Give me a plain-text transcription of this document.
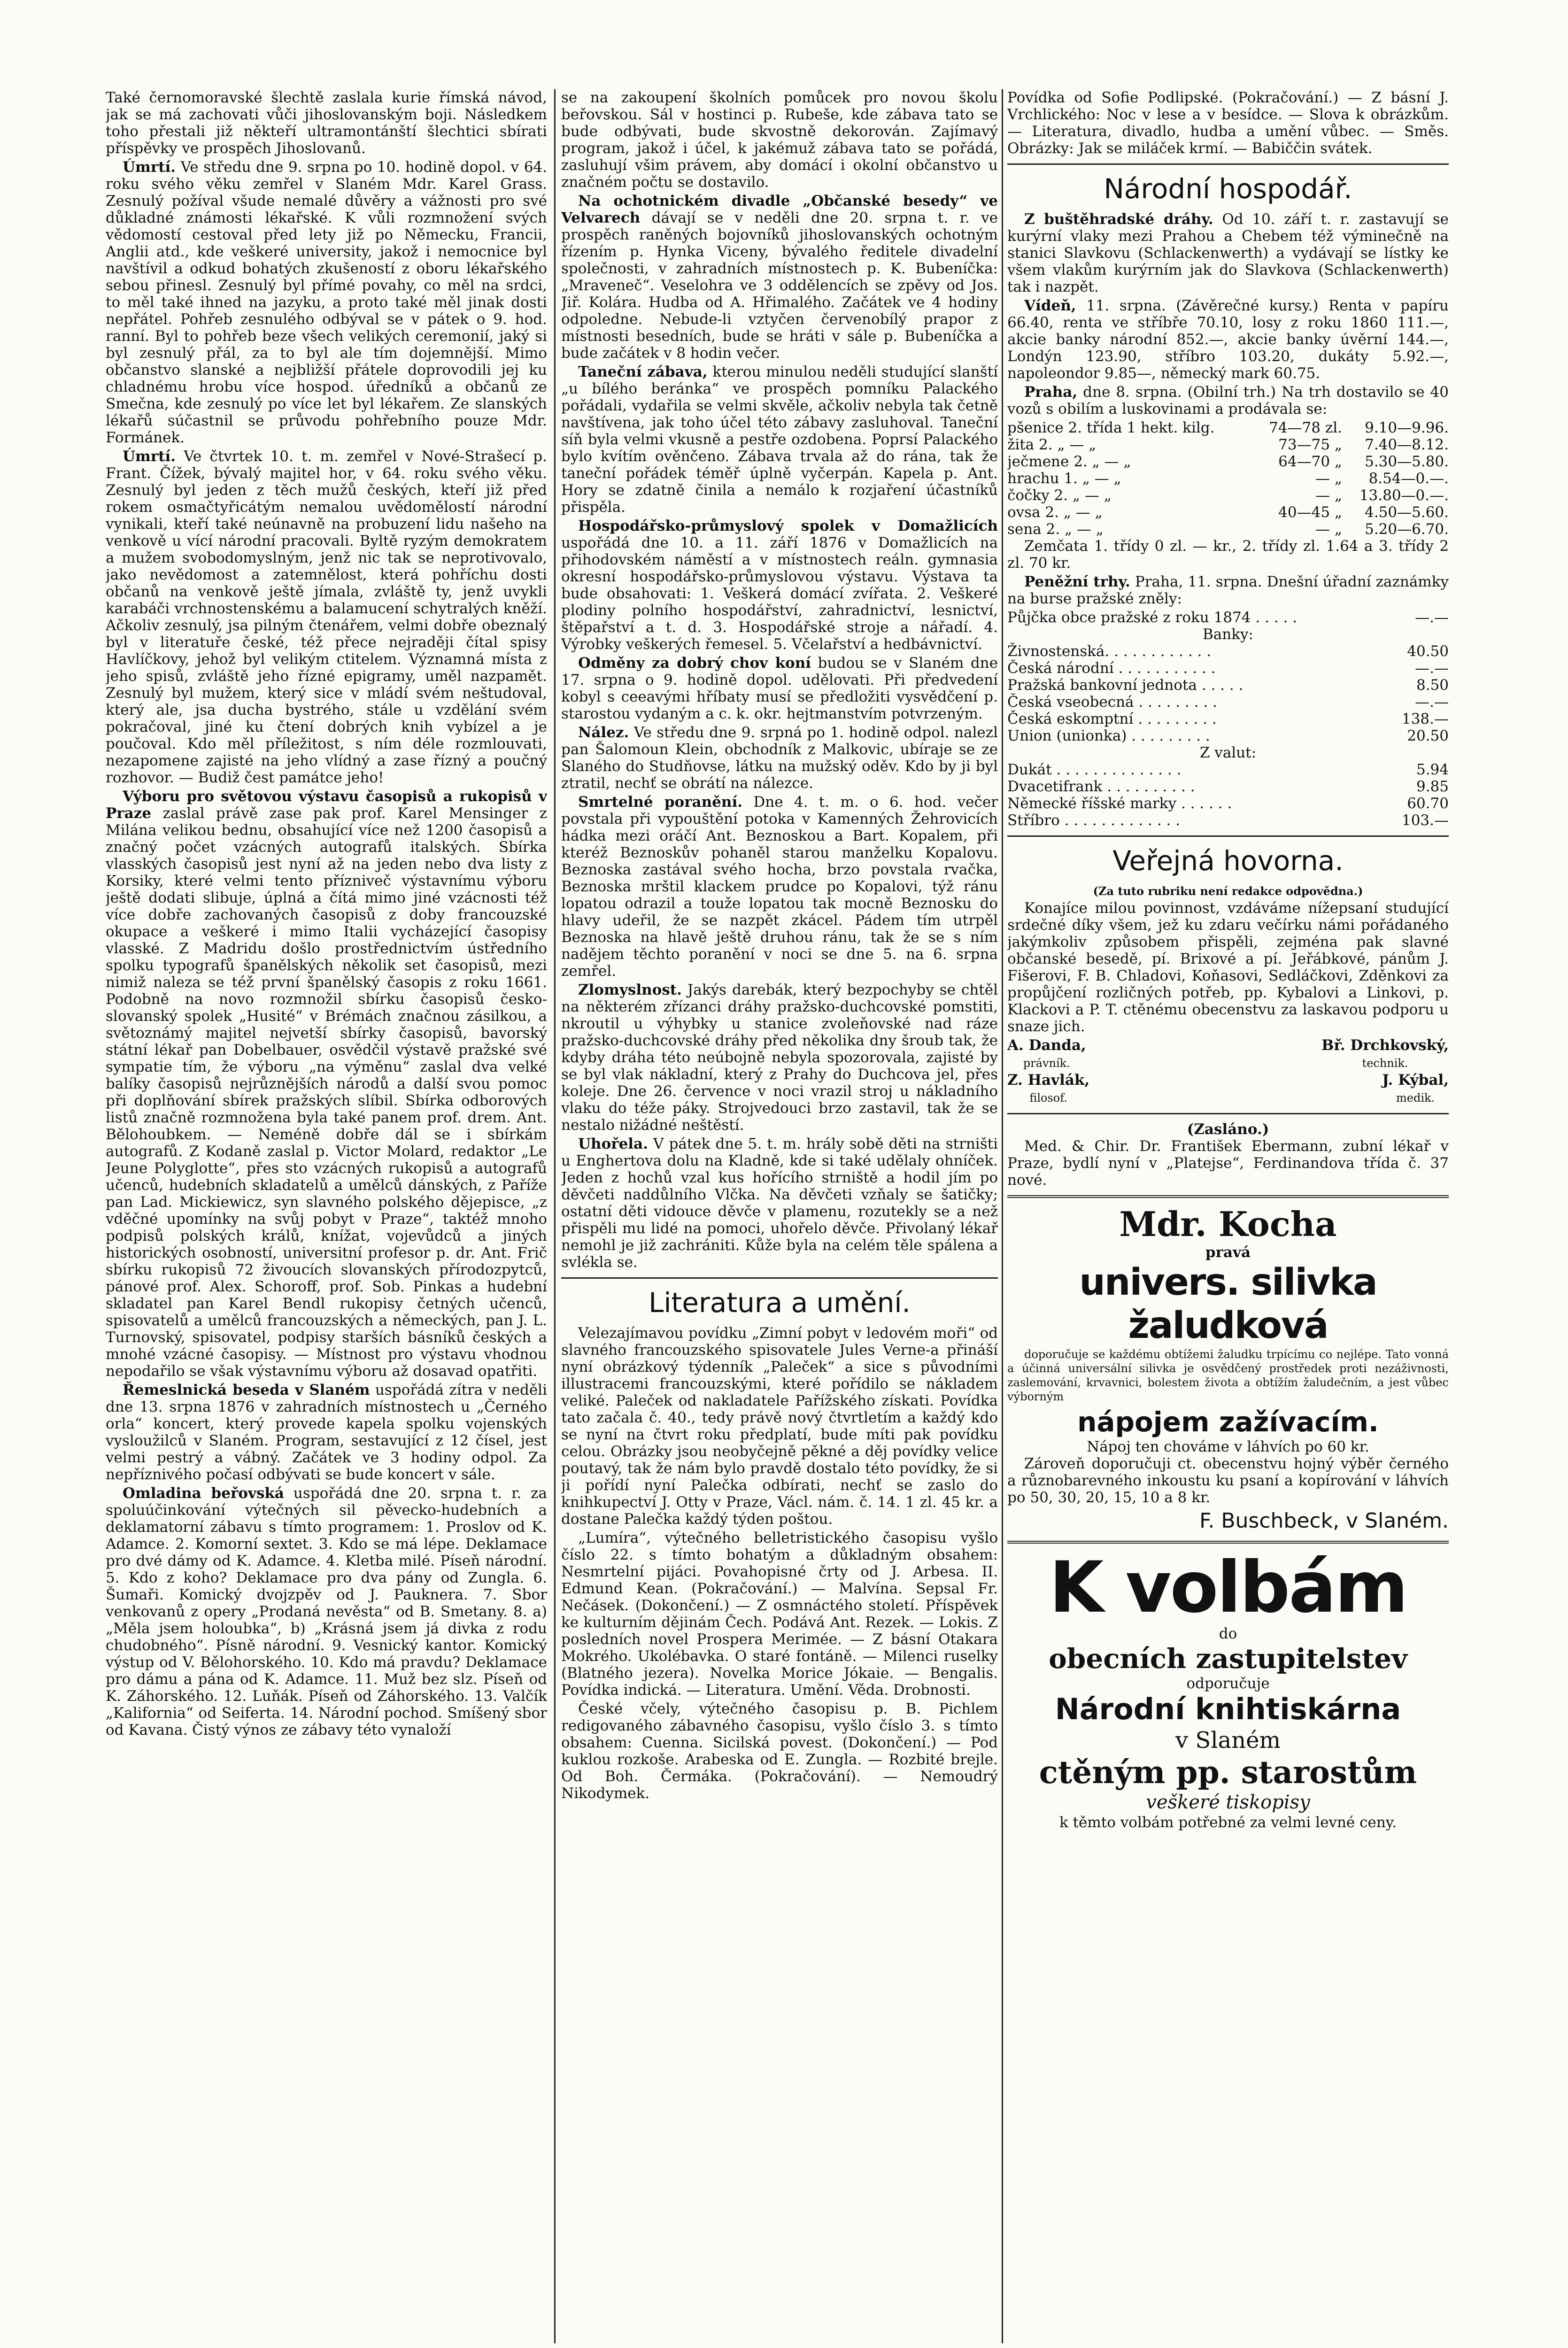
Také černomoravské šlechtě zaslala kurie římská návod, jak se má zachovati vůči jihoslovanským boji. Následkem toho přestali již někteří ultramontánští šlechtici sbírati příspěvky ve prospěch Jihoslovanů.

Úmrtí. Ve středu dne 9. srpna po 10. hodině dopol. v 64. roku svého věku zemřel v Slaném Mdr. Karel Grass. Zesnulý požíval všude nemalé důvěry a vážnosti pro své důkladné známosti lékařské. K vůli rozmnožení svých vědomostí cestoval před lety již po Německu, Francii, Anglii atd., kde veškeré university, jakož i nemocnice byl navštívil a odkud bohatých zkušeností z oboru lékařského sebou přinesl. Zesnulý byl přímé povahy, co měl na srdci, to měl také ihned na jazyku, a proto také měl jinak dosti nepřátel. Pohřeb zesnulého odbýval se v pátek o 9. hod. ranní. Byl to pohřeb beze všech velikých ceremonií, jaký si byl zesnulý přál, za to byl ale tím dojemnější. Mimo občanstvo slanské a nejbližší přátele doprovodili jej ku chladnému hrobu více hospod. úředníků a občanů ze Smečna, kde zesnulý po více let byl lékařem. Ze slanských lékařů súčastnil se průvodu pohřebního pouze Mdr. Formánek.

Úmrtí. Ve čtvrtek 10. t. m. zemřel v Nové-Strašecí p. Frant. Čížek, bývalý majitel hor, v 64. roku svého věku. Zesnulý byl jeden z těch mužů českých, kteří již před rokem osmačtyřicátým nemalou uvědomělostí národní vynikali, kteří také neúnavně na probuzení lidu našeho na venkově u vící národní pracovali. Byltě ryzým demokratem a mužem svobodomyslným, jenž nic tak se neprotivovalo, jako nevědomost a zatemnělost, která pohříchu dosti občanů na venkově ještě jímala, zvláště ty, jenž uvykli karabáči vrchnostenskému a balamucení schytralých kněží. Ačkoliv zesnulý, jsa pilným čtenářem, velmi dobře obeznalý byl v literatuře české, též přece nejraději čítal spisy Havlíčkovy, jehož byl velikým ctitelem. Významná místa z jeho spisů, zvláště jeho řízné epigramy, uměl nazpamět. Zesnulý byl mužem, který sice v mládí svém neštudoval, který ale, jsa ducha bystrého, stále u vzdělání svém pokračoval, jiné ku čtení dobrých knih vybízel a je poučoval. Kdo měl příležitost, s ním déle rozmlouvati, nezapomene zajisté na jeho vlídný a zase řízný a poučný rozhovor. — Budiž čest památce jeho!

Výboru pro světovou výstavu časopisů a rukopisů v Praze zaslal právě zase pak prof. Karel Mensinger z Milána velikou bednu, obsahující více než 1200 časopisů a značný počet vzácných autografů italských. Sbírka vlasských časopisů jest nyní až na jeden nebo dva listy z Korsiky, které velmi tento přízniveč výstavnímu výboru ještě dodati slibuje, úplná a čítá mimo jiné vzácnosti též více dobře zachovaných časopisů z doby francouzské okupace a veškeré i mimo Italii vycházející časopisy vlasské. Z Madridu došlo prostřednictvím ústředního spolku typografů španělských několik set časopisů, mezi nimiž naleza se též první španělský časopis z roku 1661. Podobně na novo rozmnožil sbírku časopisů česko-slovanský spolek „Husité“ v Brémách značnou zásilkou, a světoznámý majitel nejvetší sbírky časopisů, bavorský státní lékař pan Dobelbauer, osvědčil výstavě pražské své sympatie tím, že výboru „na výměnu“ zaslal dva velké balíky časopisů nejrůznějších národů a další svou pomoc při doplňování sbírek pražských slíbil. Sbírka odborových listů značně rozmnožena byla také panem prof. drem. Ant. Bělohoubkem. — Neméně dobře dál se i sbírkám autografů. Z Kodaně zaslal p. Victor Molard, redaktor „Le Jeune Polyglotte“, přes sto vzácných rukopisů a autografů učenců, hudebních skladatelů a umělců dánských, z Paříže pan Lad. Mickiewicz, syn slavného polského dějepisce, „z vděčné upomínky na svůj pobyt v Praze“, taktéž mnoho podpisů polských králů, knížat, vojevůdců a jiných historických osobností, universitní profesor p. dr. Ant. Frič sbírku rukopisů 72 živoucích slovanských přírodozpytců, pánové prof. Alex. Schoroff, prof. Sob. Pinkas a hudební skladatel pan Karel Bendl rukopisy četných učenců, spisovatelů a umělců francouzských a německých, pan J. L. Turnovský, spisovatel, podpisy starších básníků českých a mnohé vzácné časopisy. — Místnost pro výstavu vhodnou nepodařilo se však výstavnímu výboru až dosavad opatřiti.

Řemeslnická beseda v Slaném uspořádá zítra v neděli dne 13. srpna 1876 v zahradních místnostech u „Černého orla“ koncert, který provede kapela spolku vojenských vysloužilců v Slaném. Program, sestavující z 12 čísel, jest velmi pestrý a vábný. Začátek ve 3 hodiny odpol. Za nepříznivého počasí odbývati se bude koncert v sále.

Omladina beřovská uspořádá dne 20. srpna t. r. za spoluúčinkování výtečných sil pěvecko-hudebních a deklamatorní zábavu s tímto programem: 1. Proslov od K. Adamce. 2. Komorní sextet. 3. Kdo se má lépe. Deklamace pro dvé dámy od K. Adamce. 4. Kletba milé. Píseň národní. 5. Kdo z koho? Deklamace pro dva pány od Zungla. 6. Šumaři. Komický dvojzpěv od J. Pauknera. 7. Sbor venkovanů z opery „Prodaná nevěsta“ od B. Smetany. 8. a) „Měla jsem holoubka“, b) „Krásná jsem já divka z rodu chudobného“. Písně národní. 9. Vesnický kantor. Komický výstup od V. Bělohorského. 10. Kdo má pravdu? Deklamace pro dámu a pána od K. Adamce. 11. Muž bez slz. Píseň od K. Záhorského. 12. Luňák. Píseň od Záhorského. 13. Valčík „Kalifornia“ od Seiferta. 14. Národní pochod. Smíšený sbor od Kavana. Čistý výnos ze zábavy této vynaloží

se na zakoupení školních pomůcek pro novou školu beřovskou. Sál v hostinci p. Rubeše, kde zábava tato se bude odbývati, bude skvostně dekorován. Zajímavý program, jakož i účel, k jakémuž zábava tato se pořádá, zasluhují všim právem, aby domácí i okolní občanstvo u značném počtu se dostavilo.

Na ochotnickém divadle „Občanské besedy“ ve Velvarech dávají se v neděli dne 20. srpna t. r. ve prospěch raněných bojovníků jihoslovanských ochotným řízením p. Hynka Viceny, bývalého ředitele divadelní společnosti, v zahradních místnostech p. K. Bubeníčka: „Mraveneč“. Veselohra ve 3 oddělencích se zpěvy od Jos. Jiř. Kolára. Hudba od A. Hřimalého. Začátek ve 4 hodiny odpoledne. Nebude-li vztyčen červenobílý prapor z místnosti besedních, bude se hráti v sále p. Bubeníčka a bude začátek v 8 hodin večer.

Taneční zábava, kterou minulou neděli studující slanští „u bílého beránka“ ve prospěch pomníku Palackého pořádali, vydařila se velmi skvěle, ačkoliv nebyla tak četně navštívena, jak toho účel této zábavy zasluhoval. Taneční síň byla velmi vkusně a pestře ozdobena. Poprsí Palackého bylo kvítím ověnčeno. Zábava trvala až do rána, tak že taneční pořádek téměř úplně vyčerpán. Kapela p. Ant. Hory se zdatně činila a nemálo k rozjaření účastníků přispěla.

Hospodářsko-průmyslový spolek v Domažlicích uspořádá dne 10. a 11. září 1876 v Domažlicích na přihodovském náměstí a v místnostech reáln. gymnasia okresní hospodářsko-průmyslovou výstavu. Výstava ta bude obsahovati: 1. Veškerá domácí zvířata. 2. Veškeré plodiny polního hospodářství, zahradnictví, lesnictví, štěpařství a t. d. 3. Hospodářské stroje a nářadí. 4. Výrobky veškerých řemesel. 5. Včelařství a hedbávnictví.

Odměny za dobrý chov koní budou se v Slaném dne 17. srpna o 9. hodině dopol. udělovati. Při předvedení kobyl s ceeavými hříbaty musí se předložiti vysvědčení p. starostou vydaným a c. k. okr. hejtmanstvím potvrzeným.

Nález. Ve středu dne 9. srpná po 1. hodině odpol. nalezl pan Šalomoun Klein, obchodník z Malkovic, ubíraje se ze Slaného do Studňovse, látku na mužský oděv. Kdo by ji byl ztratil, nechť se obrátí na nálezce.

Smrtelné poranění. Dne 4. t. m. o 6. hod. večer povstala při vypouštění potoka v Kamenných Žehrovicích hádka mezi oráčí Ant. Beznoskou a Bart. Kopalem, při kteréž Beznoskův pohaněl starou manželku Kopalovu. Beznoska zastával svého hocha, brzo povstala rvačka, Beznoska mrštil klackem prudce po Kopalovi, týž ránu lopatou odrazil a touže lopatou tak mocně Beznosku do hlavy udeřil, že se nazpět zkácel. Pádem tím utrpěl Beznoska na hlavě ještě druhou ránu, tak že se s ním nadějem těchto poranění v noci se dne 5. na 6. srpna zemřel.

Zlomyslnost. Jakýs darebák, který bezpochyby se chtěl na některém zřízanci dráhy pražsko-duchcovské pomstiti, nkroutil u výhybky u stanice zvoleňovské nad ráze pražsko-duchcovské dráhy před několika dny šroub tak, že kdyby dráha této neúbojně nebyla spozorovala, zajisté by se byl vlak nákladní, který z Prahy do Duchcova jel, přes koleje. Dne 26. července v noci vrazil stroj u nákladního vlaku do téže páky. Strojvedouci brzo zastavil, tak že se nestalo nižádné neštěstí.

Uhořela. V pátek dne 5. t. m. hrály sobě děti na strništi u Enghertova dolu na Kladně, kde si také udělaly ohníček. Jeden z hochů vzal kus hořícího strniště a hodil jím po děvčeti naddůlního Vlčka. Na děvčeti vzňaly se šatičky; ostatní děti vidouce děvče v plamenu, rozutekly se a než přispěli mu lidé na pomoci, uhořelo děvče. Přivolaný lékař nemohl je již zachrániti. Kůže byla na celém těle spálena a svlékla se.

Literatura a umění.

Velezajímavou povídku „Zimní pobyt v ledovém moři“ od slavného francouzského spisovatele Jules Verne-a přináší nyní obrázkový týdenník „Paleček“ a sice s původními illustracemi francouzskými, které pořídilo se nákladem veliké. Paleček od nakladatele Pařížského získati. Povídka tato začala č. 40., tedy právě nový čtvrtletím a každý kdo se nyní na čtvrt roku předplatí, bude míti pak povídku celou. Obrázky jsou neobyčejně pěkné a děj povídky velice poutavý, tak že nám bylo pravdě dostalo této povídky, že si ji pořídí nyní Palečka odbírati, nechť se zaslo do knihkupectví J. Otty v Praze, Václ. nám. č. 14. 1 zl. 45 kr. a dostane Palečka každý týden poštou.

„Lumíra“, výtečného belletristického časopisu vyšlo číslo 22. s tímto bohatým a důkladným obsahem: Nesmrtelní pijáci. Povahopisné črty od J. Arbesa. II. Edmund Kean. (Pokračování.) — Malvína. Sepsal Fr. Nečásek. (Dokončení.) — Z osmnáctého století. Příspěvek ke kulturním dějinám Čech. Podává Ant. Rezek. — Lokis. Z posledních novel Prospera Merimée. — Z básní Otakara Mokrého. Ukolébavka. O staré fontáně. — Milenci ruselky (Blatného jezera). Novelka Morice Jókaie. — Bengalis. Povídka indická. — Literatura. Umění. Věda. Drobnosti.

České včely, výtečného časopisu p. B. Pichlem redigovaného zábavného časopisu, vyšlo číslo 3. s tímto obsahem: Cuenna. Sicilská povest. (Dokončení.) — Pod kuklou rozkoše. Arabeska od E. Zungla. — Rozbité brejle. Od Boh. Čermáka. (Pokračování). — Nemoudrý Nikodymek.

Povídka od Sofie Podlipské. (Pokračování.) — Z básní J. Vrchlického: Noc v lese a v besídce. — Slova k obrázkům. — Literatura, divadlo, hudba a umění vůbec. — Směs. Obrázky: Jak se miláček krmí. — Babiččin svátek.

Národní hospodář.

Z buštěhradské dráhy. Od 10. září t. r. zastavují se kurýrní vlaky mezi Prahou a Chebem též výminečně na stanici Slavkovu (Schlackenwerth) a vydávají se lístky ke všem vlakům kurýrním jak do Slavkova (Schlackenwerth) tak i nazpět.

Vídeň, 11. srpna. (Závěrečné kursy.) Renta v papíru 66.40, renta ve stříbře 70.10, losy z roku 1860 111.—, akcie banky národní 852.—, akcie banky úvěrní 144.—, Londýn 123.90, stříbro 103.20, dukáty 5.92.—, napoleondor 9.85—, německý mark 60.75.

Praha, dne 8. srpna. (Obilní trh.) Na trh dostavilo se 40 vozů s obilím a luskovinami a prodávala se:

pšenice 2. třída 1 hekt. kilg.	74—78 zl.	9.10—9.96.
žita 2. „ — „	73—75 „	7.40—8.12.
ječmene 2. „ — „	64—70 „	5.30—5.80.
hrachu 1. „ — „	— „	8.54—0.—.
čočky 2. „ — „	— „	13.80—0.—.
ovsa 2. „ — „	40—45 „	4.50—5.60.
sena 2. „ — „	— „	5.20—6.70.

Zemčata 1. třídy 0 zl. — kr., 2. třídy zl. 1.64 a 3. třídy 2 zl. 70 kr.

Peněžní trhy. Praha, 11. srpna. Dnešní úřadní zaznámky na burse pražské zněly:

Půjčka obce pražské z roku 1874 . . . . .	—.—
Banky:
Živnostenská. . . . . . . . . . . .	40.50
Česká národní . . . . . . . . . . .	—.—
Pražská bankovní jednota . . . . .	8.50
Česká vseobecná . . . . . . . . .	—.—
Česká eskomptní . . . . . . . . .	138.—
Union (unionka) . . . . . . . . .	20.50
Z valut:
Dukát . . . . . . . . . . . . . .	5.94
Dvacetifrank . . . . . . . . . .	9.85
Německé říšské marky . . . . . .	60.70
Stříbro . . . . . . . . . . . . .	103.—
Veřejná hovorna.
(Za tuto rubriku není redakce odpovědna.)

Konajíce milou povinnost, vzdáváme nížepsaní studující srdečné díky všem, jež ku zdaru večírku námi pořádaného jakýmkoliv způsobem přispěli, zejména pak slavné občanské besedě, pí. Brixové a pí. Jeřábkové, pánům J. Fišerovi, F. B. Chladovi, Koňasovi, Sedláčkovi, Zděnkovi za propůjčení rozličných potřeb, pp. Kybalovi a Linkovi, p. Klackovi a P. T. ctěnému obecenstvu za laskavou podporu u snaze jich.

A. Danda,
právník.
Bř. Drchkovský,
technik.
Z. Havlák,
filosof.
J. Kýbal,
medik.
(Zasláno.)

Med. & Chir. Dr. František Ebermann, zubní lékař v Praze, bydlí nyní v „Platejse“, Ferdinandova třída č. 37 nové.

Mdr. Kocha
pravá
univers. silivka žaludková

doporučuje se každému obtížemi žaludku trpícímu co nejlépe. Tato vonná a účinná universální silivka je osvědčený prostředek proti nezáživnosti, zaslemování, krvavnici, bolestem života a obtížím žaludečním, a jest vůbec výborným

nápojem zažívacím.
Nápoj ten chováme v láhvích po 60 kr.

Zároveň doporučuji ct. obecenstvu hojný výběr černého a různobarevného inkoustu ku psaní a kopírování v láhvích po 50, 30, 20, 15, 10 a 8 kr.

F. Buschbeck, v Slaném.
K volbám
do
obecních zastupitelstev
odporučuje
Národní knihtiskárna
v Slaném
ctěným pp. starostům
veškeré tiskopisy
k těmto volbám potřebné za velmi levné ceny.
